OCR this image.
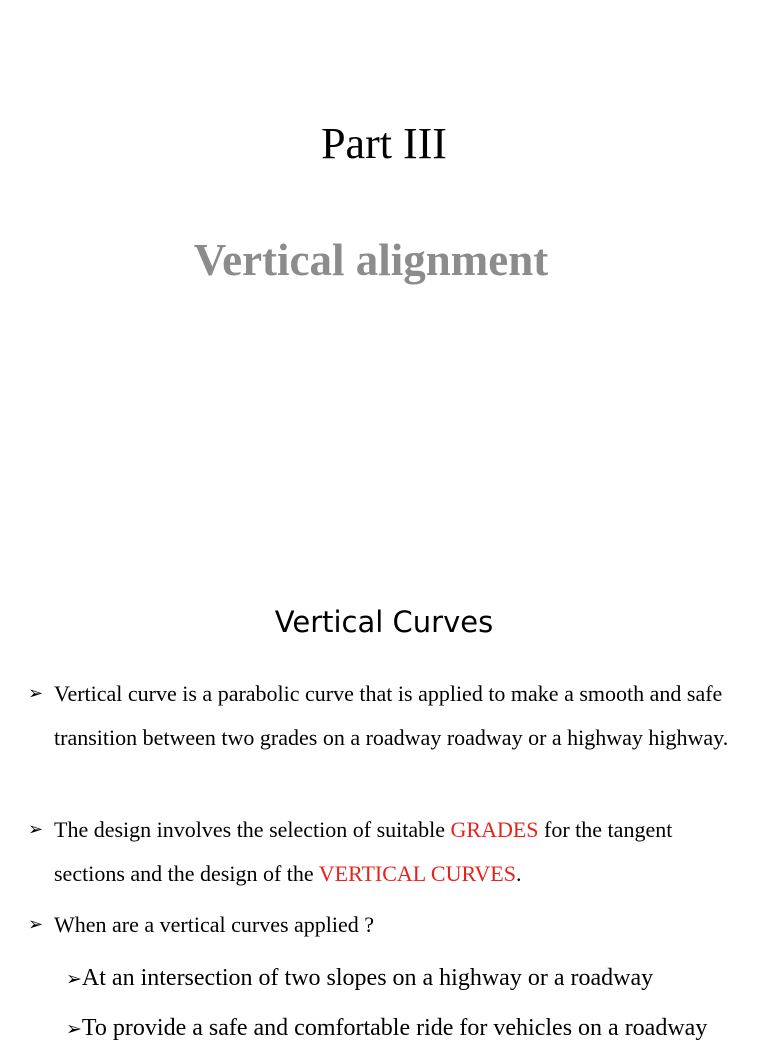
Part III
Vertical alignment
Vertical Curves
➢ Vertical curve is a parabolic curve that is applied to make a smooth and safe transition between two grades on a roadway roadway or a highway highway.
➢ The design involves the selection of suitable GRADES for the tangent sections and the design of the VERTICAL CURVES.
➢ When are a vertical curves applied ?
➢At an intersection of two slopes on a highway or a roadway
➢To provide a safe and comfortable ride for vehicles on a roadway
